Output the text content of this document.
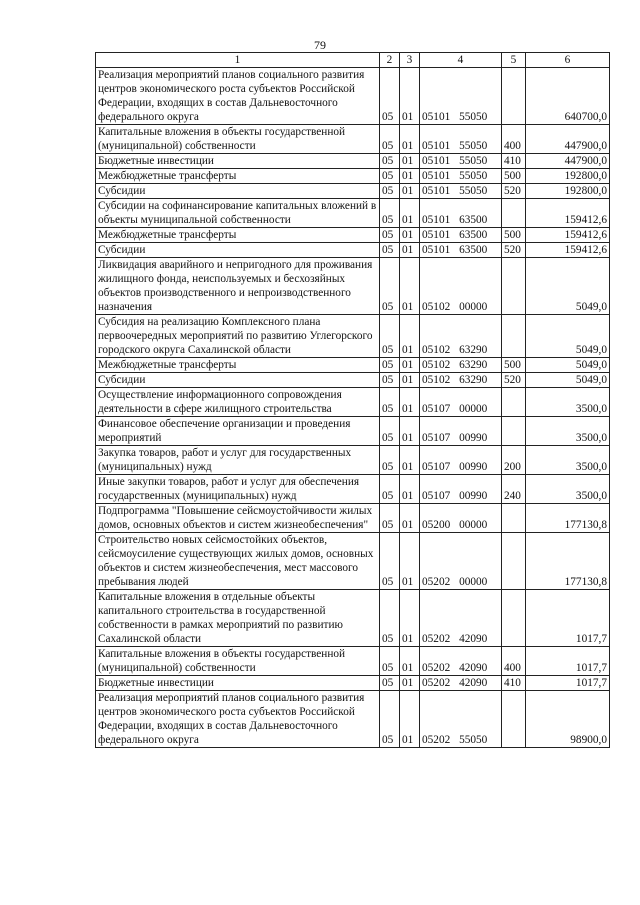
79
1	2	3	4	5	6
Реализация мероприятий планов социального развития центров экономического роста субъектов Российской Федерации, входящих в состав Дальневосточного федерального округа	05	01	05101 55050		640700,0
Капитальные вложения в объекты государственной (муниципальной) собственности	05	01	05101 55050	400	447900,0
Бюджетные инвестиции	05	01	05101 55050	410	447900,0
Межбюджетные трансферты	05	01	05101 55050	500	192800,0
Субсидии	05	01	05101 55050	520	192800,0
Субсидии на софинансирование капитальных вложений в объекты муниципальной собственности	05	01	05101 63500		159412,6
Межбюджетные трансферты	05	01	05101 63500	500	159412,6
Субсидии	05	01	05101 63500	520	159412,6
Ликвидация аварийного и непригодного для проживания жилищного фонда, неиспользуемых и бесхозяйных объектов производственного и непроизводственного назначения	05	01	05102 00000		5049,0
Субсидия на реализацию Комплексного плана первоочередных мероприятий по развитию Углегорского городского округа Сахалинской области	05	01	05102 63290		5049,0
Межбюджетные трансферты	05	01	05102 63290	500	5049,0
Субсидии	05	01	05102 63290	520	5049,0
Осуществление информационного сопровождения деятельности в сфере жилищного строительства	05	01	05107 00000		3500,0
Финансовое обеспечение организации и проведения мероприятий	05	01	05107 00990		3500,0
Закупка товаров, работ и услуг для государственных (муниципальных) нужд	05	01	05107 00990	200	3500,0
Иные закупки товаров, работ и услуг для обеспечения государственных (муниципальных) нужд	05	01	05107 00990	240	3500,0
Подпрограмма "Повышение сейсмоустойчивости жилых домов, основных объектов и систем жизнеобеспечения"	05	01	05200 00000		177130,8
Строительство новых сейсмостойких объектов, сейсмоусиление существующих жилых домов, основных объектов и систем жизнеобеспечения, мест массового пребывания людей	05	01	05202 00000		177130,8
Капитальные вложения в отдельные объекты капитального строительства в государственной собственности в рамках мероприятий по развитию Сахалинской области	05	01	05202 42090		1017,7
Капитальные вложения в объекты государственной (муниципальной) собственности	05	01	05202 42090	400	1017,7
Бюджетные инвестиции	05	01	05202 42090	410	1017,7
Реализация мероприятий планов социального развития центров экономического роста субъектов Российской Федерации, входящих в состав Дальневосточного федерального округа	05	01	05202 55050		98900,0
